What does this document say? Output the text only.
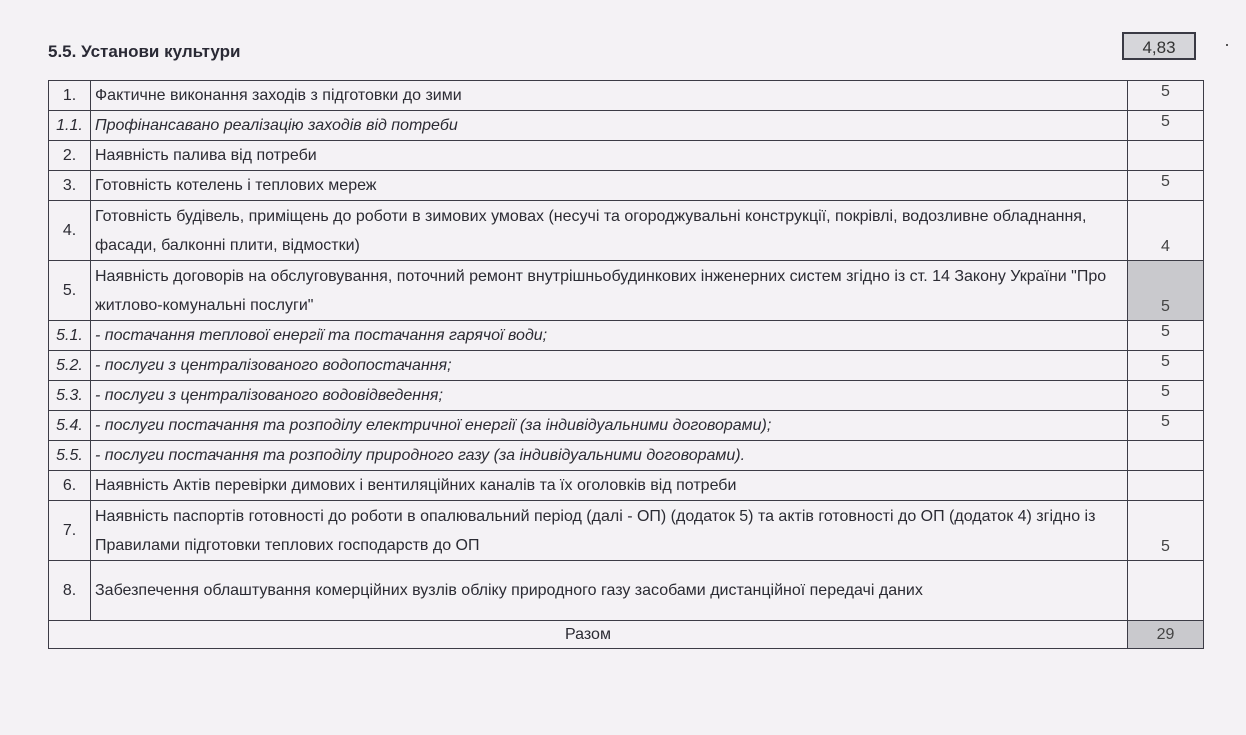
5.5. Установи культури	4,83
1.	Фактичне виконання заходів з підготовки до зими	5
1.1.	Профінансавано реалізацію заходів від потреби	5
2.	Наявність палива від потреби	
3.	Готовність котелень і теплових мереж	5
4.	Готовність будівель, приміщень до роботи в зимових умовах (несучі та огороджувальні конструкції, покрівлі, водозливне обладнання, фасади, балконні плити, відмостки)	4
5.	Наявність договорів на обслуговування, поточний ремонт внутрішньобудинкових інженерних систем згідно із ст. 14 Закону України "Про житлово-комунальні послуги"	5
5.1.	- постачання теплової енергії та постачання гарячої води;	5
5.2.	- послуги з централізованого водопостачання;	5
5.3.	- послуги з централізованого водовідведення;	5
5.4.	- послуги постачання та розподілу електричної енергії (за індивідуальними договорами);	5
5.5.	- послуги постачання та розподілу природного газу (за індивідуальними договорами).	
6.	Наявність Актів перевірки димових і вентиляційних каналів та їх оголовків від потреби	
7.	Наявність паспортів готовності до роботи в опалювальний період (далі - ОП) (додаток 5) та актів готовності до ОП (додаток 4) згідно із Правилами підготовки теплових господарств до ОП	5
8.	Забезпечення облаштування комерційних вузлів обліку природного газу засобами дистанційної передачі даних	
Разом		29
